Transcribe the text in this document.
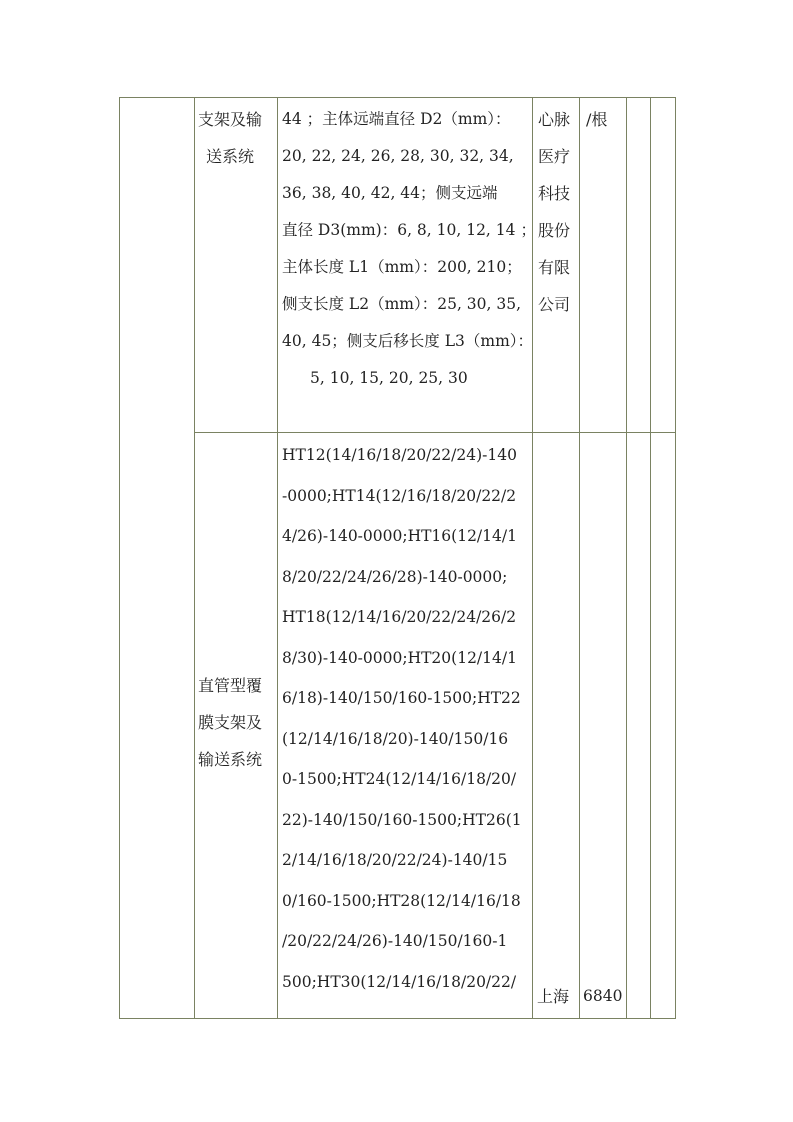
支架及输
送系统
44 ；主体远端直径 D2（mm）：
20, 22, 24, 26, 28, 30, 32, 34,
36, 38, 40, 42, 44；侧支远端
直径 D3(mm)：6, 8, 10, 12, 14 ；
主体长度 L1（mm）：200, 210；
侧支长度 L2（mm）：25, 30, 35,
40, 45；侧支后移长度 L3（mm）：
5, 10, 15, 20, 25, 30
心脉
医疗
科技
股份
有限
公司
/根
直管型覆
膜支架及
输送系统
HT12(14/16/18/20/22/24)-140
-0000;HT14(12/16/18/20/22/2
4/26)-140-0000;HT16(12/14/1
8/20/22/24/26/28)-140-0000;
HT18(12/14/16/20/22/24/26/2
8/30)-140-0000;HT20(12/14/1
6/18)-140/150/160-1500;HT22
(12/14/16/18/20)-140/150/16
0-1500;HT24(12/14/16/18/20/
22)-140/150/160-1500;HT26(1
2/14/16/18/20/22/24)-140/15
0/160-1500;HT28(12/14/16/18
/20/22/24/26)-140/150/160-1
500;HT30(12/14/16/18/20/22/
上海 6840
